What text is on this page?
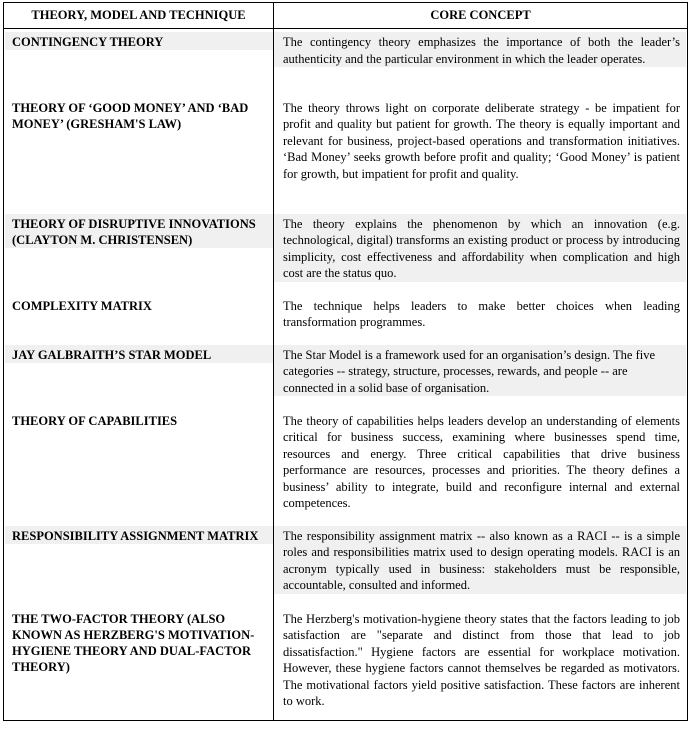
THEORY, MODEL AND TECHNIQUE	CORE CONCEPT

CONTINGENCY THEORY	The contingency theory emphasizes the importance of both the leader’s authenticity and the particular environment in which the leader operates.

THEORY OF ‘GOOD MONEY’ AND ‘BAD MONEY’ (GRESHAM'S LAW)	The theory throws light on corporate deliberate strategy - be impatient for profit and quality but patient for growth. The theory is equally important and relevant for business, project-based operations and transformation initiatives. ‘Bad Money’ seeks growth before profit and quality; ‘Good Money’ is patient for growth, but impatient for profit and quality.

THEORY OF DISRUPTIVE INNOVATIONS (CLAYTON M. CHRISTENSEN)	The theory explains the phenomenon by which an innovation (e.g. technological, digital) transforms an existing product or process by introducing simplicity, cost effectiveness and affordability when complication and high cost are the status quo.

COMPLEXITY MATRIX	The technique helps leaders to make better choices when leading transformation programmes.

JAY GALBRAITH’S STAR MODEL	The Star Model is a framework used for an organisation’s design. The five categories -- strategy, structure, processes, rewards, and people -- are connected in a solid base of organisation.

THEORY OF CAPABILITIES	The theory of capabilities helps leaders develop an understanding of elements critical for business success, examining where businesses spend time, resources and energy. Three critical capabilities that drive business performance are resources, processes and priorities. The theory defines a business’ ability to integrate, build and reconfigure internal and external competences.

RESPONSIBILITY ASSIGNMENT MATRIX	The responsibility assignment matrix -- also known as a RACI -- is a simple roles and responsibilities matrix used to design operating models. RACI is an acronym typically used in business: stakeholders must be responsible, accountable, consulted and informed.

THE TWO-FACTOR THEORY (ALSO KNOWN AS HERZBERG'S MOTIVATION-HYGIENE THEORY AND DUAL-FACTOR THEORY)	The Herzberg's motivation-hygiene theory states that the factors leading to job satisfaction are "separate and distinct from those that lead to job dissatisfaction." Hygiene factors are essential for workplace motivation. However, these hygiene factors cannot themselves be regarded as motivators. The motivational factors yield positive satisfaction. These factors are inherent to work.
